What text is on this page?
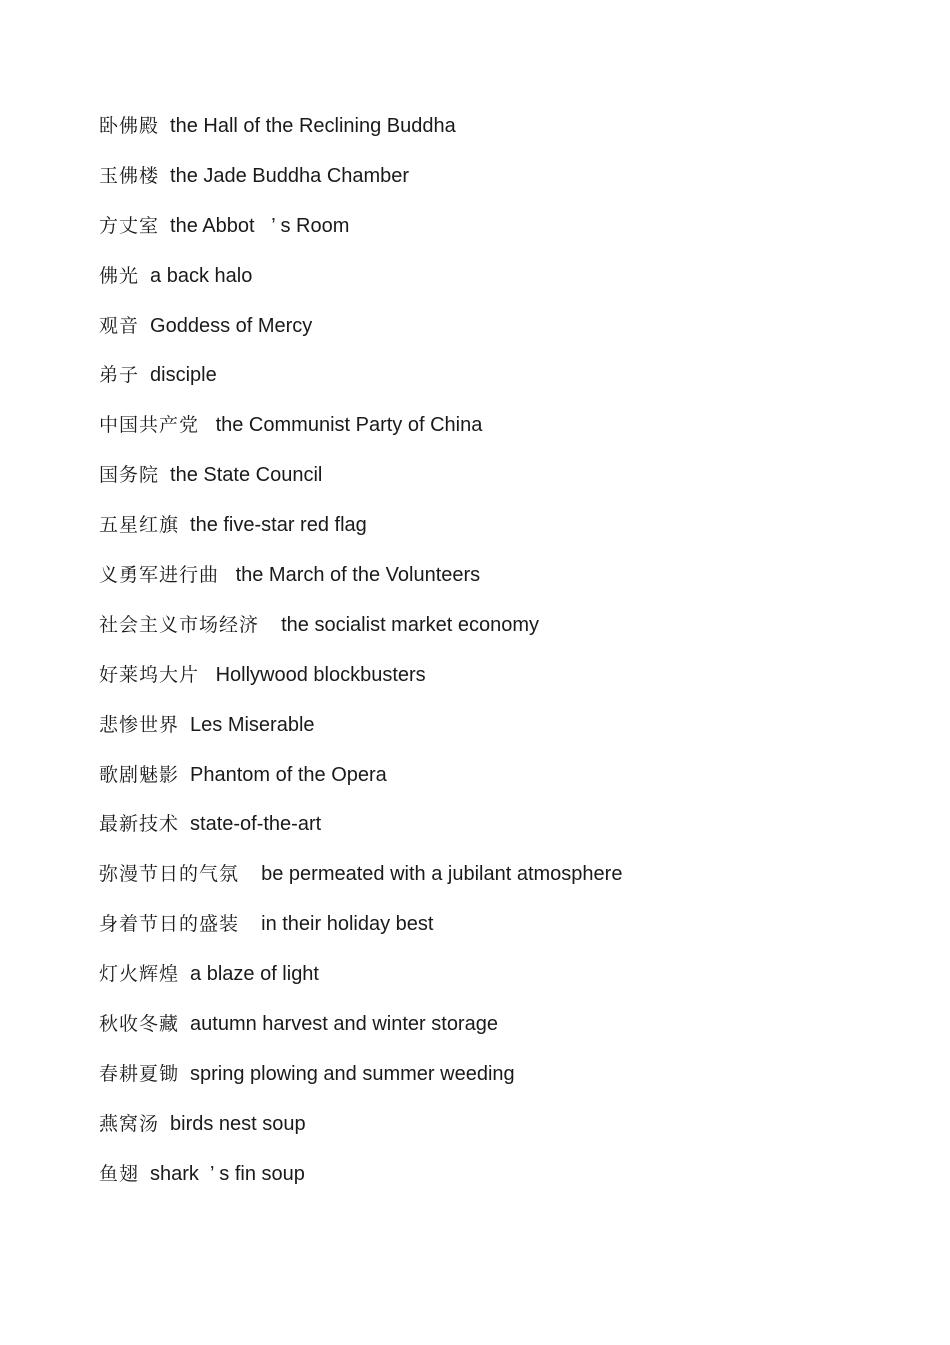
卧佛殿 the Hall of the Reclining Buddha
玉佛楼 the Jade Buddha Chamber
方丈室 the Abbot   ’ s Room
佛光 a back halo
观音 Goddess of Mercy
弟子 disciple
中国共产党 the Communist Party of China
国务院 the State Council
五星红旗 the five-star red flag
义勇军进行曲 the March of the Volunteers
社会主义市场经济 the socialist market economy
好莱坞大片 Hollywood blockbusters
悲惨世界 Les Miserable
歌剧魅影 Phantom of the Opera
最新技术 state-of-the-art
弥漫节日的气氛 be permeated with a jubilant atmosphere
身着节日的盛装 in their holiday best
灯火辉煌 a blaze of light
秋收冬藏 autumn harvest and winter storage
春耕夏锄 spring plowing and summer weeding
燕窝汤 birds nest soup
鱼翅 shark  ’ s fin soup
